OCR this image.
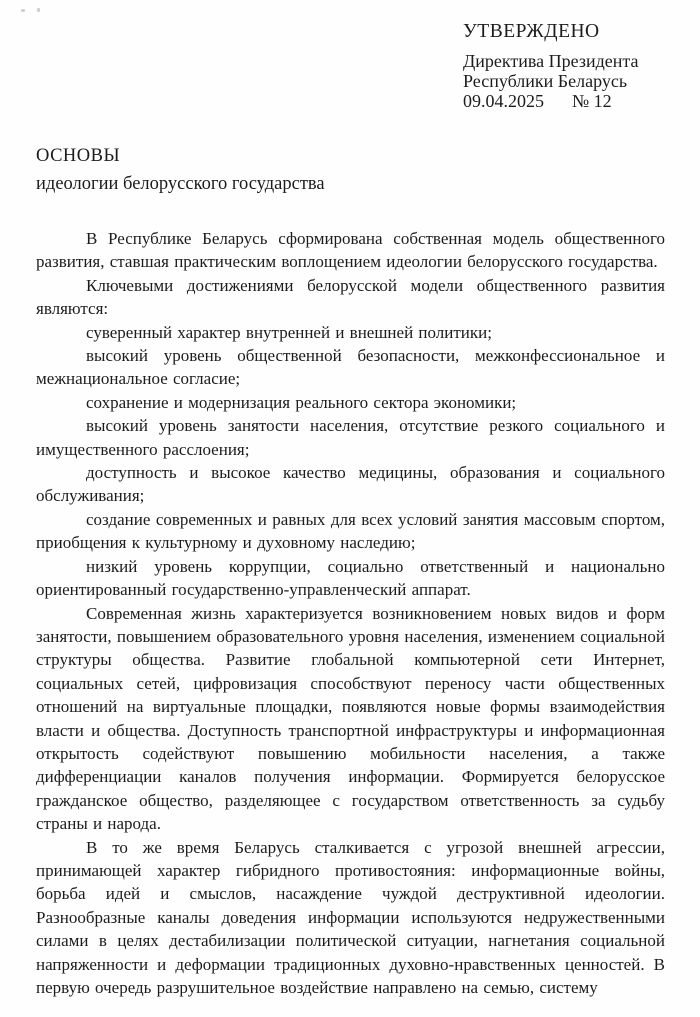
УТВЕРЖДЕНО
Директива Президента
Республики Беларусь
09.04.2025 № 12
ОСНОВЫ
идеологии белорусского государства

В Республике Беларусь сформирована собственная модель общественного развития, ставшая практическим воплощением идеологии белорусского государства.

Ключевыми достижениями белорусской модели общественного развития являются:

суверенный характер внутренней и внешней политики;

высокий уровень общественной безопасности, межконфессиональное и межнациональное согласие;

сохранение и модернизация реального сектора экономики;

высокий уровень занятости населения, отсутствие резкого социального и имущественного расслоения;

доступность и высокое качество медицины, образования и социального обслуживания;

создание современных и равных для всех условий занятия массовым спортом, приобщения к культурному и духовному наследию;

низкий уровень коррупции, социально ответственный и национально ориентированный государственно-управленческий аппарат.

Современная жизнь характеризуется возникновением новых видов и форм занятости, повышением образовательного уровня населения, изменением социальной структуры общества. Развитие глобальной компьютерной сети Интернет, социальных сетей, цифровизация способствуют переносу части общественных отношений на виртуальные площадки, появляются новые формы взаимодействия власти и общества. Доступность транспортной инфраструктуры и информационная открытость содействуют повышению мобильности населения, а также дифференциации каналов получения информации. Формируется белорусское гражданское общество, разделяющее с государством ответственность за судьбу страны и народа.

В то же время Беларусь сталкивается с угрозой внешней агрессии, принимающей характер гибридного противостояния: информационные войны, борьба идей и смыслов, насаждение чуждой деструктивной идеологии. Разнообразные каналы доведения информации используются недружественными силами в целях дестабилизации политической ситуации, нагнетания социальной напряженности и деформации традиционных духовно-нравственных ценностей. В первую очередь разрушительное воздействие направлено на семью, систему
